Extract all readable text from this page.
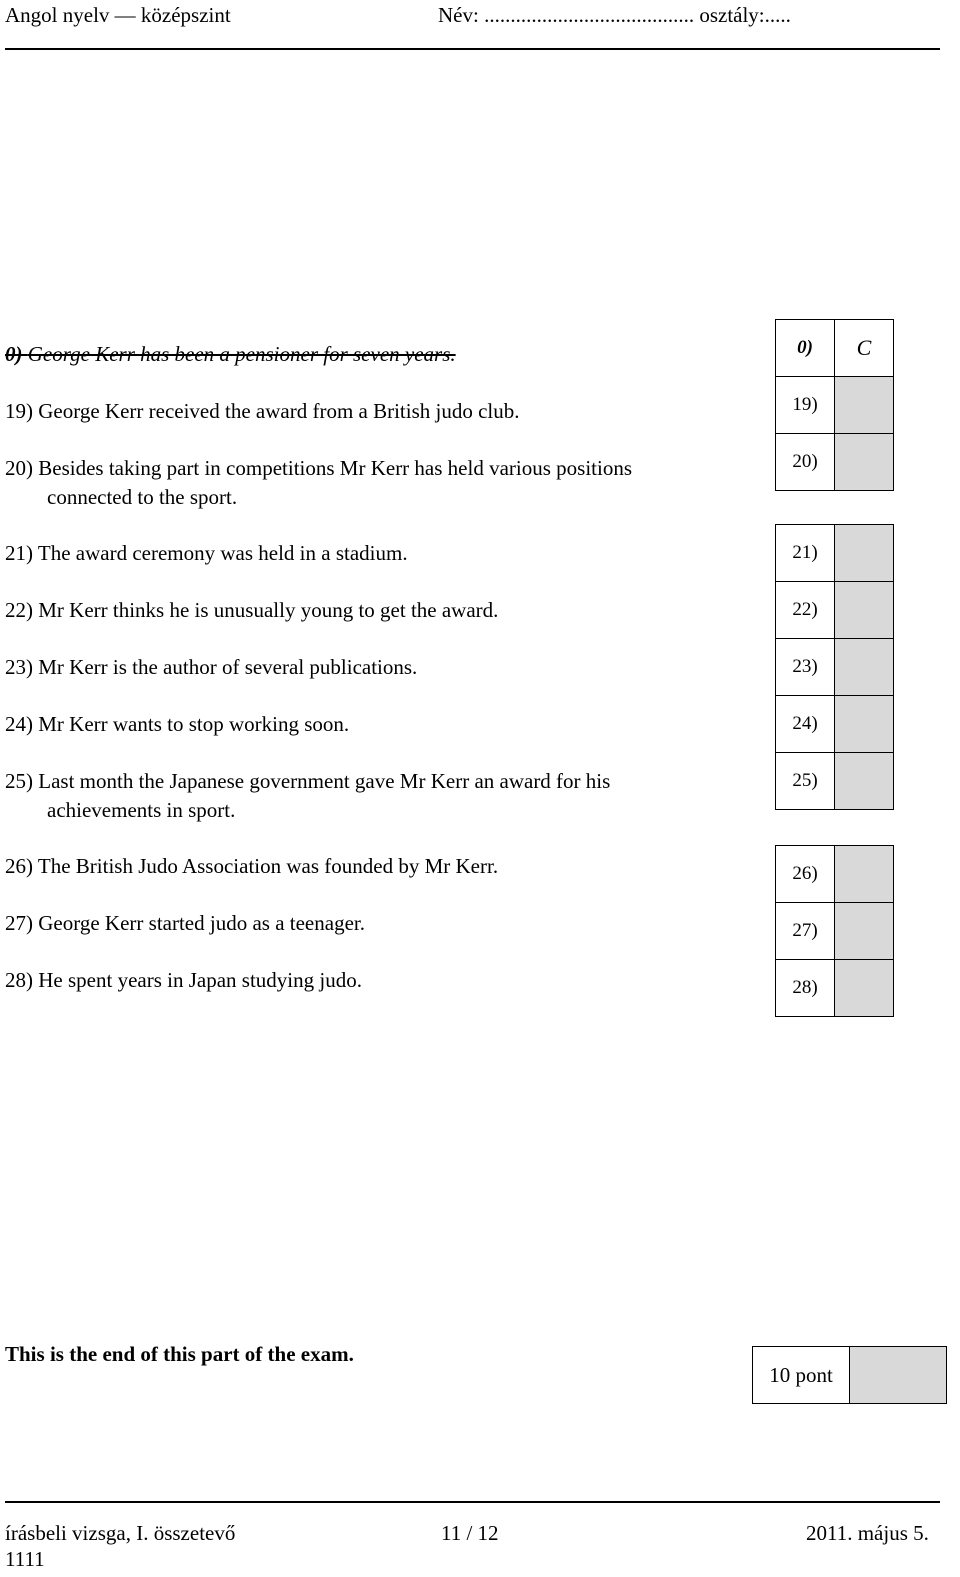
Angol nyelv — középszint	Név: ........................................ osztály:.....
0) George Kerr has been a pensioner for seven years.
19) George Kerr received the award from a British judo club.
20) Besides taking part in competitions Mr Kerr has held various positions
connected to the sport.
21) The award ceremony was held in a stadium.
22) Mr Kerr thinks he is unusually young to get the award.
23) Mr Kerr is the author of several publications.
24) Mr Kerr wants to stop working soon.
25) Last month the Japanese government gave Mr Kerr an award for his
achievements in sport.
26) The British Judo Association was founded by Mr Kerr.
27) George Kerr started judo as a teenager.
28) He spent years in Japan studying judo.
0)	C
19)	
20)	
21)	
22)	
23)	
24)	
25)	
26)	
27)	
28)	
This is the end of this part of the exam.
10 pont	
írásbeli vizsga, I. összetevő
1111
11 / 12	2011. május 5.
